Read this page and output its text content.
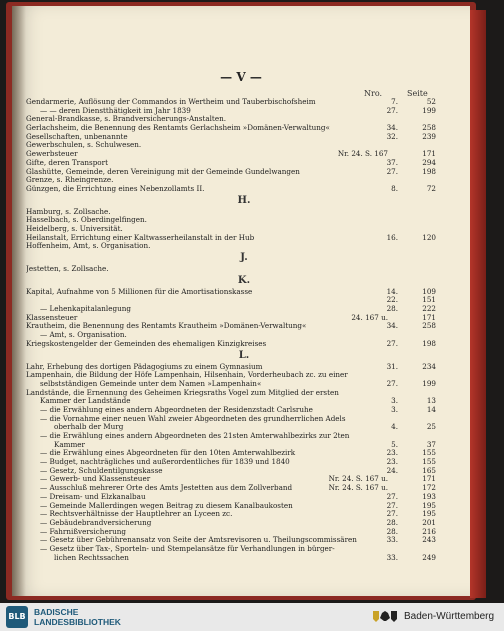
— V —
Nro.	Seite
Gendarmerie, Auflösung der Commandos in Wertheim und Tauberbischofsheim	7.	52
— — deren Dienstthätigkeit im Jahr 1839	27.	199
General-Brandkasse, s. Brandversicherungs-Anstalten.
Gerlachsheim, die Benennung des Rentamts Gerlachsheim »Domänen-Verwaltung«	34.	258
Gesellschaften, unbenannte	32.	239
Gewerbschulen, s. Schulwesen.
Gewerbsteuer	Nr. 24. S. 167	171
Gifte, deren Transport	37.	294
Glashütte, Gemeinde, deren Vereinigung mit der Gemeinde Gundelwangen	27.	198
Grenze, s. Rheingrenze.
Günzgen, die Errichtung eines Nebenzollamts II.	8.	72
H.
Hamburg, s. Zollsache.
Hasselbach, s. Oberdingelfingen.
Heidelberg, s. Universität.
Heilanstalt, Errichtung einer Kaltwasserheilanstalt in der Hub	16.	120
Hoffenheim, Amt, s. Organisation.
J.
Jestetten, s. Zollsache.
K.
Kapital, Aufnahme von 5 Millionen für die Amortisationskasse	14.	109
22.	151
— Lehenkapitalanlegung	28.	222
Klassensteuer	24. 167 u.	171
Krautheim, die Benennung des Rentamts Krautheim »Domänen-Verwaltung«	34.	258
— Amt, s. Organisation.
Kriegskostengelder der Gemeinden des ehemaligen Kinzigkreises	27.	198
L.
Lahr, Erhebung des dortigen Pädagogiums zu einem Gymnasium	31.	234
Lampenhain, die Bildung der Höfe Lampenhain, Hilsenhain, Vorderheubach zc. zu einer
selbstständigen Gemeinde unter dem Namen »Lampenhain«	27.	199
Landstände, die Ernennung des Geheimen Kriegsraths Vogel zum Mitglied der ersten
Kammer der Landstände	3.	13
— die Erwählung eines andern Abgeordneten der Residenzstadt Carlsruhe	3.	14
— die Vornahme einer neuen Wahl zweier Abgeordneten des grundherrlichen Adels
oberhalb der Murg	4.	25
— die Erwählung eines andern Abgeordneten des 21sten Ämterwahlbezirks zur 2ten
Kammer	5.	37
— die Erwählung eines Abgeordneten für den 10ten Ämterwahlbezirk	23.	155
— Budget, nachträgliches und außerordentliches für 1839 und 1840	23.	155
— Gesetz, Schuldentilgungskasse	24.	165
— Gewerb- und Klassensteuer	Nr. 24. S. 167 u.	171
— Ausschluß mehrerer Orte des Amts Jestetten aus dem Zollverband	Nr. 24. S. 167 u.	172
— Dreisam- und Elzkanalbau	27.	193
— Gemeinde Mallerdingen wegen Beitrag zu diesem Kanalbaukosten	27.	195
— Rechtsverhältnisse der Hauptlehrer an Lyceen zc.	27.	195
— Gebäudebrandversicherung	28.	201
— Fahrnißversicherung	28.	216
— Gesetz über Gebührenansatz von Seite der Amtsrevisoren u. Theilungscommissären	33.	243
— Gesetz über Tax-, Sporteln- und Stempelansätze für Verhandlungen in bürger-
lichen Rechtssachen	33.	249
BLB BADISCHE
LANDESBIBLIOTHEK	Baden-Württemberg
